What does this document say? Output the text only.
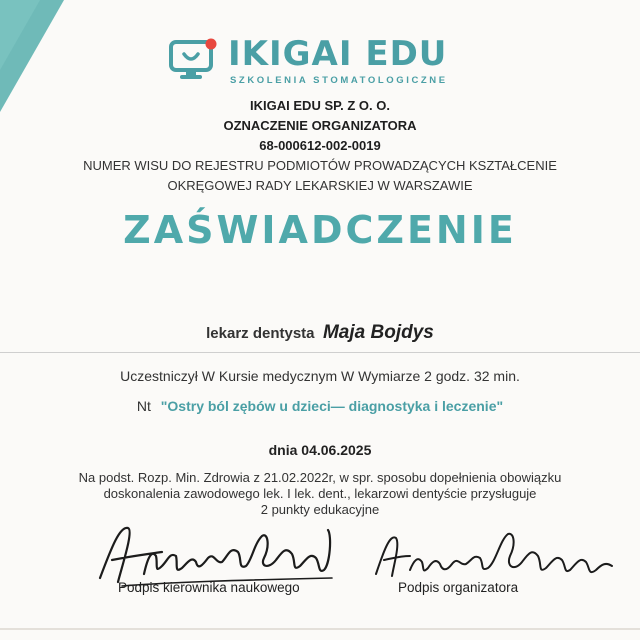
IKIGAI EDU
SZKOLENIA STOMATOLOGICZNE
IKIGAI EDU SP. Z O. O.
OZNACZENIE ORGANIZATORA
68-000612-002-0019
NUMER WISU DO REJESTRU PODMIOTÓW PROWADZĄCYCH KSZTAŁCENIE
OKRĘGOWEJ RADY LEKARSKIEJ W WARSZAWIE
ZAŚWIADCZENIE
lekarz dentysta Maja Bojdys
Uczestniczył W Kursie medycznym W Wymiarze 2 godz. 32 min.
Nt "Ostry ból zębów u dzieci— diagnostyka i leczenie"
dnia 04.06.2025
Na podst. Rozp. Min. Zdrowia z 21.02.2022r, w spr. sposobu dopełnienia obowiązku
doskonalenia zawodowego lek. I lek. dent., lekarzowi dentyście przysługuje
2 punkty edukacyjne
Podpis kierownika naukowego	Podpis organizatora
